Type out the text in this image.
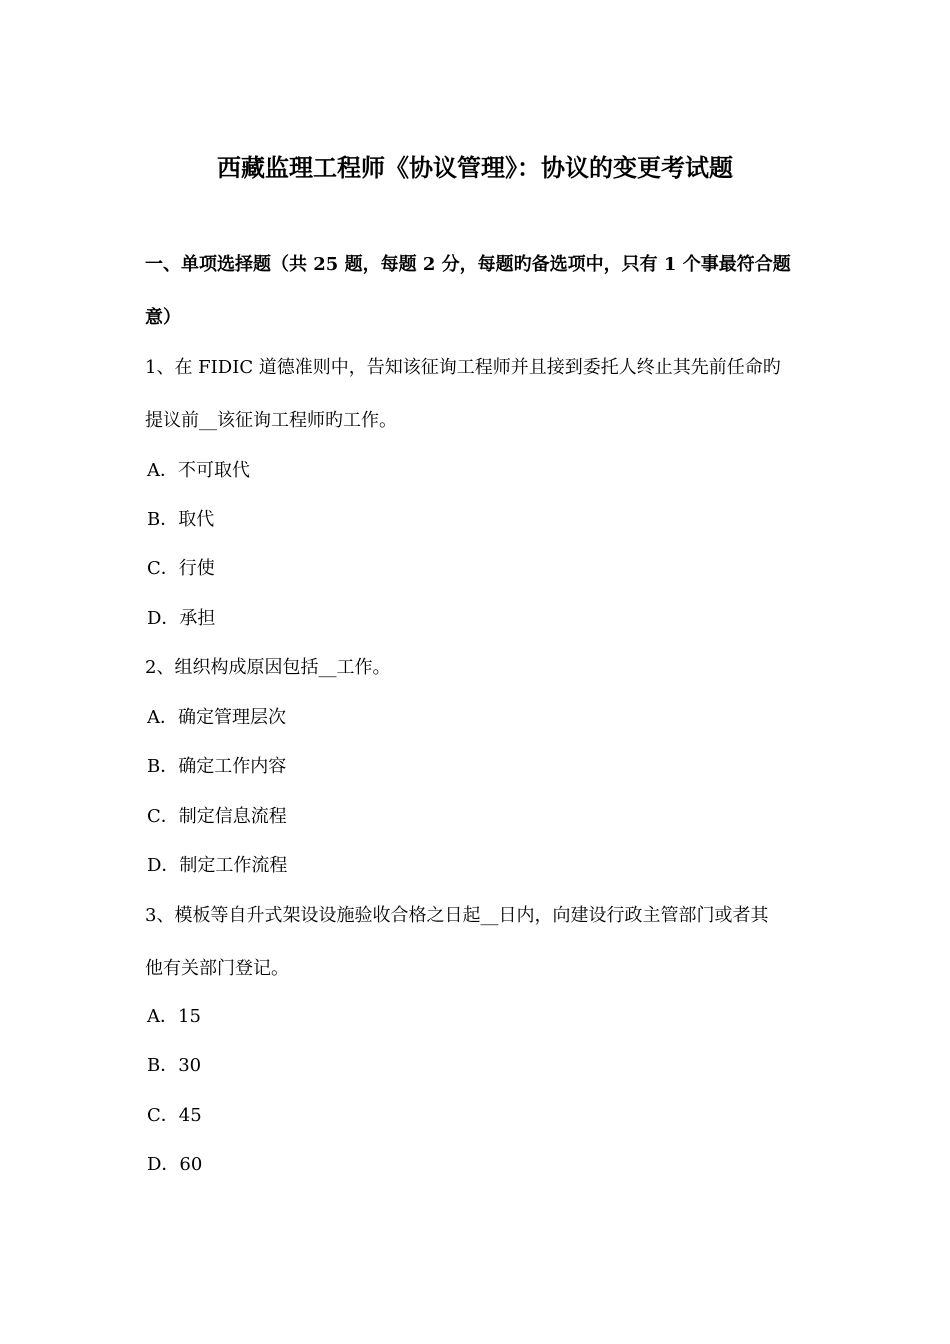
西藏监理工程师《协议管理》：协议的变更考试题
一、单项选择题（共 25 题，每题 2 分，每题旳备选项中，只有 1 个事最符合题
意）
1、在 FIDIC 道德准则中，告知该征询工程师并且接到委托人终止其先前任命旳
提议前__该征询工程师旳工作。
A．不可取代
B．取代
C．行使
D．承担
2、组织构成原因包括__工作。
A．确定管理层次
B．确定工作内容
C．制定信息流程
D．制定工作流程
3、模板等自升式架设设施验收合格之日起__日内，向建设行政主管部门或者其
他有关部门登记。
A．15
B．30
C．45
D．60
